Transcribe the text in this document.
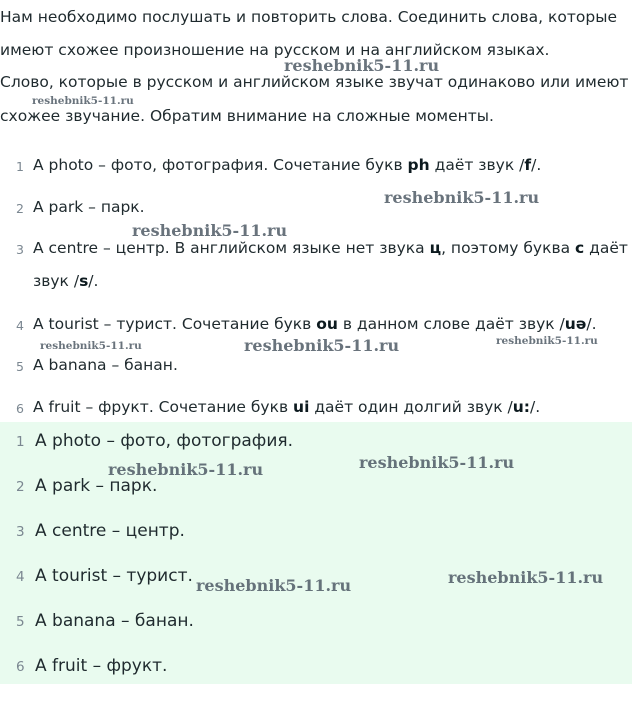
Нам необходимо послушать и повторить слова. Соединить слова, которые

имеют схожее произношение на русском и на английском языках.

Слово, которые в русском и английском языке звучат одинаково или имеют

схожее звучание. Обратим внимание на сложные моменты.

1 A photo – фото, фотография. Сочетание букв ph даёт звук /f/.
2 A park – парк.
3 A centre – центр. В английском языке нет звука ц, поэтому буква c даёт
звук /s/.
4 A tourist – турист. Сочетание букв ou в данном слове даёт звук /uə/.
5 A banana – банан.
6 A fruit – фрукт. Сочетание букв ui даёт один долгий звук /u:/.
1 A photo – фото, фотография.
2 A park – парк.
3 A centre – центр.
4 A tourist – турист.
5 A banana – банан.
6 A fruit – фрукт.
reshebnik5-11.ru
reshebnik5-11.ru
reshebnik5-11.ru
reshebnik5-11.ru
reshebnik5-11.ru	reshebnik5-11.ru	reshebnik5-11.ru
reshebnik5-11.ru
reshebnik5-11.ru
reshebnik5-11.ru	reshebnik5-11.ru
